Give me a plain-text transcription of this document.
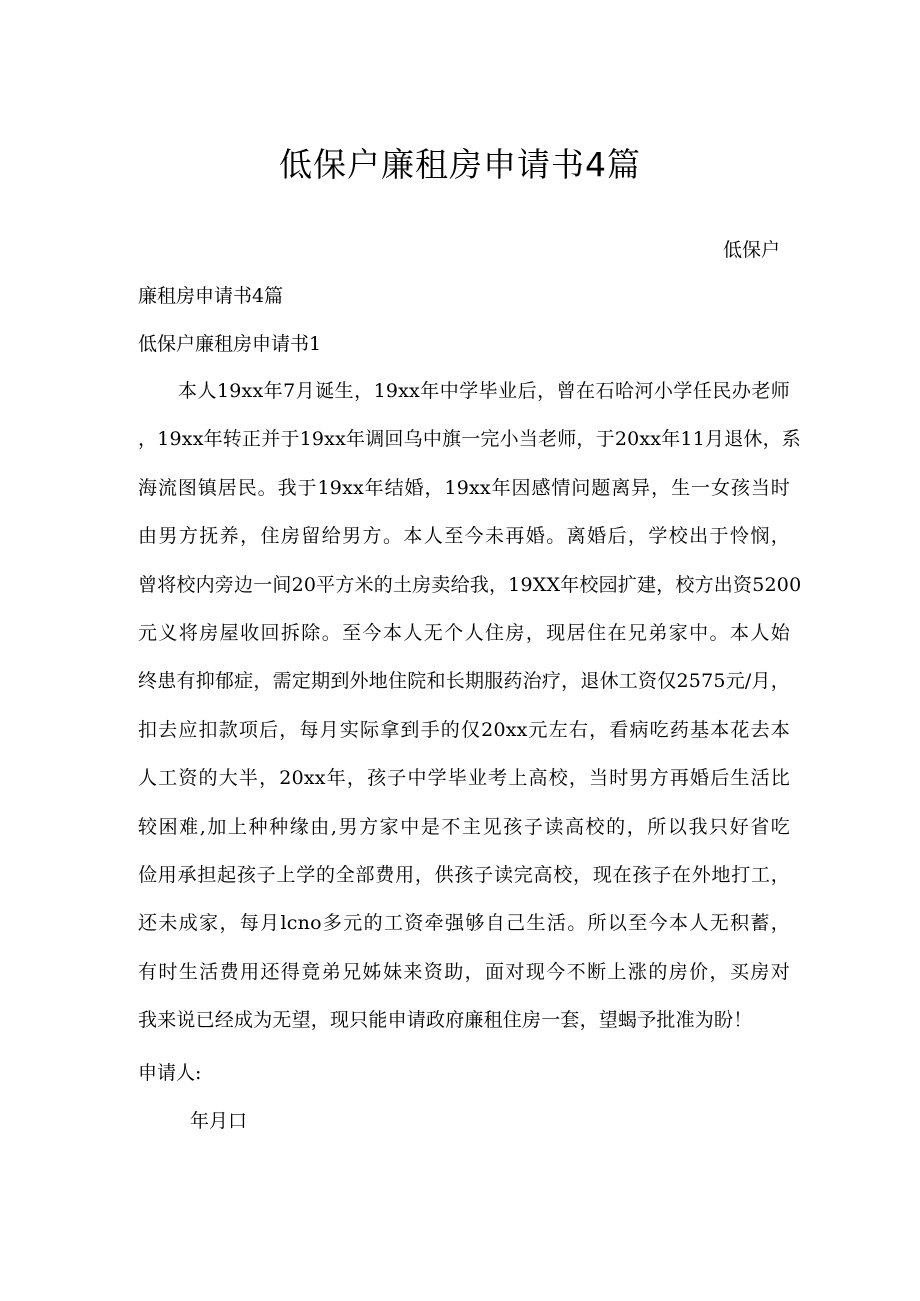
低保户廉租房申请书4篇
低保户
廉租房申请书4篇
低保户廉租房申请书1
本人19xx年7月诞生，19xx年中学毕业后，曾在石哈河小学任民办老师
，19xx年转正并于19xx年调回乌中旗一完小当老师，于20xx年11月退休，系
海流图镇居民。我于19xx年结婚，19xx年因感情问题离异，生一女孩当时
由男方抚养，住房留给男方。本人至今未再婚。离婚后，学校出于怜悯，
曾将校内旁边一间20平方米的土房卖给我，19XX年校园扩建，校方出资5200
元义将房屋收回拆除。至今本人无个人住房，现居住在兄弟家中。本人始
终患有抑郁症，需定期到外地住院和长期服药治疗，退休工资仅2575元/月，
扣去应扣款项后，每月实际拿到手的仅20xx元左右，看病吃药基本花去本
人工资的大半，20xx年，孩子中学毕业考上高校，当时男方再婚后生活比
较困难,加上种种缘由,男方家中是不主见孩子读高校的，所以我只好省吃
俭用承担起孩子上学的全部费用，供孩子读完高校，现在孩子在外地打工，
还未成家，每月lcno多元的工资牵强够自己生活。所以至今本人无积蓄，
有时生活费用还得竟弟兄姊妹来资助，面对现今不断上涨的房价，买房对
我来说已经成为无望，现只能申请政府廉租住房一套，望蝎予批准为盼！
申请人:
年月口
